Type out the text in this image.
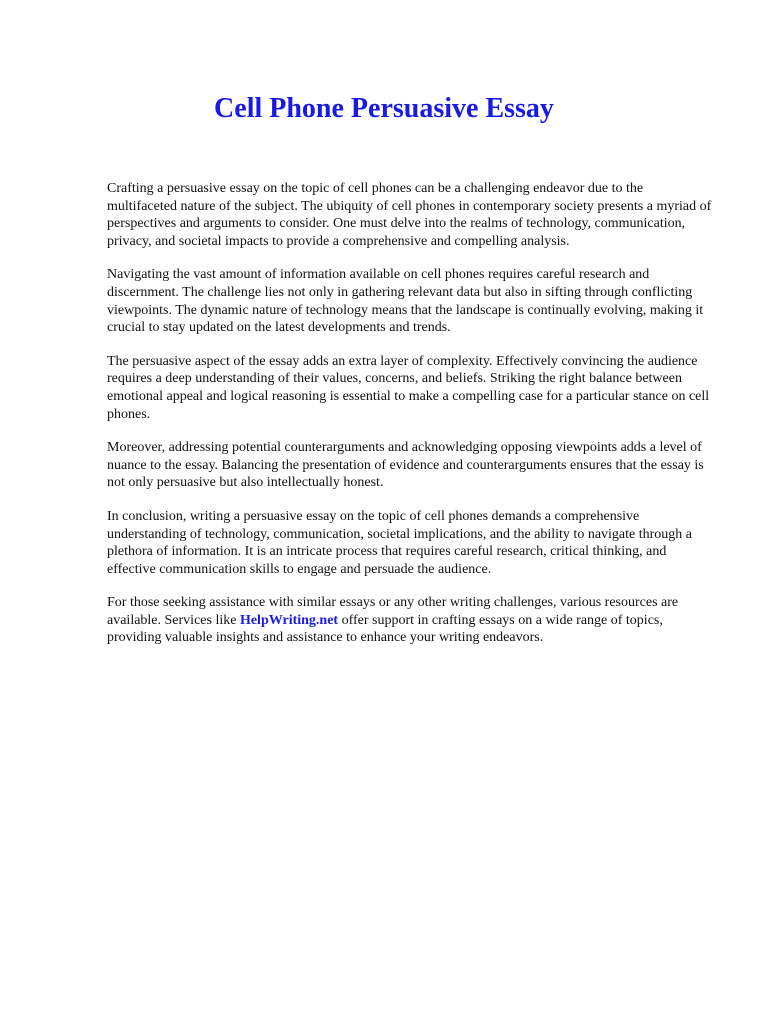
Cell Phone Persuasive Essay

Crafting a persuasive essay on the topic of cell phones can be a challenging endeavor due to the multifaceted nature of the subject. The ubiquity of cell phones in contemporary society presents a myriad of perspectives and arguments to consider. One must delve into the realms of technology, communication, privacy, and societal impacts to provide a comprehensive and compelling analysis.

Navigating the vast amount of information available on cell phones requires careful research and discernment. The challenge lies not only in gathering relevant data but also in sifting through conflicting viewpoints. The dynamic nature of technology means that the landscape is continually evolving, making it crucial to stay updated on the latest developments and trends.

The persuasive aspect of the essay adds an extra layer of complexity. Effectively convincing the audience requires a deep understanding of their values, concerns, and beliefs. Striking the right balance between emotional appeal and logical reasoning is essential to make a compelling case for a particular stance on cell phones.

Moreover, addressing potential counterarguments and acknowledging opposing viewpoints adds a level of nuance to the essay. Balancing the presentation of evidence and counterarguments ensures that the essay is not only persuasive but also intellectually honest.

In conclusion, writing a persuasive essay on the topic of cell phones demands a comprehensive understanding of technology, communication, societal implications, and the ability to navigate through a plethora of information. It is an intricate process that requires careful research, critical thinking, and effective communication skills to engage and persuade the audience.

For those seeking assistance with similar essays or any other writing challenges, various resources are available. Services like HelpWriting.net offer support in crafting essays on a wide range of topics, providing valuable insights and assistance to enhance your writing endeavors.
